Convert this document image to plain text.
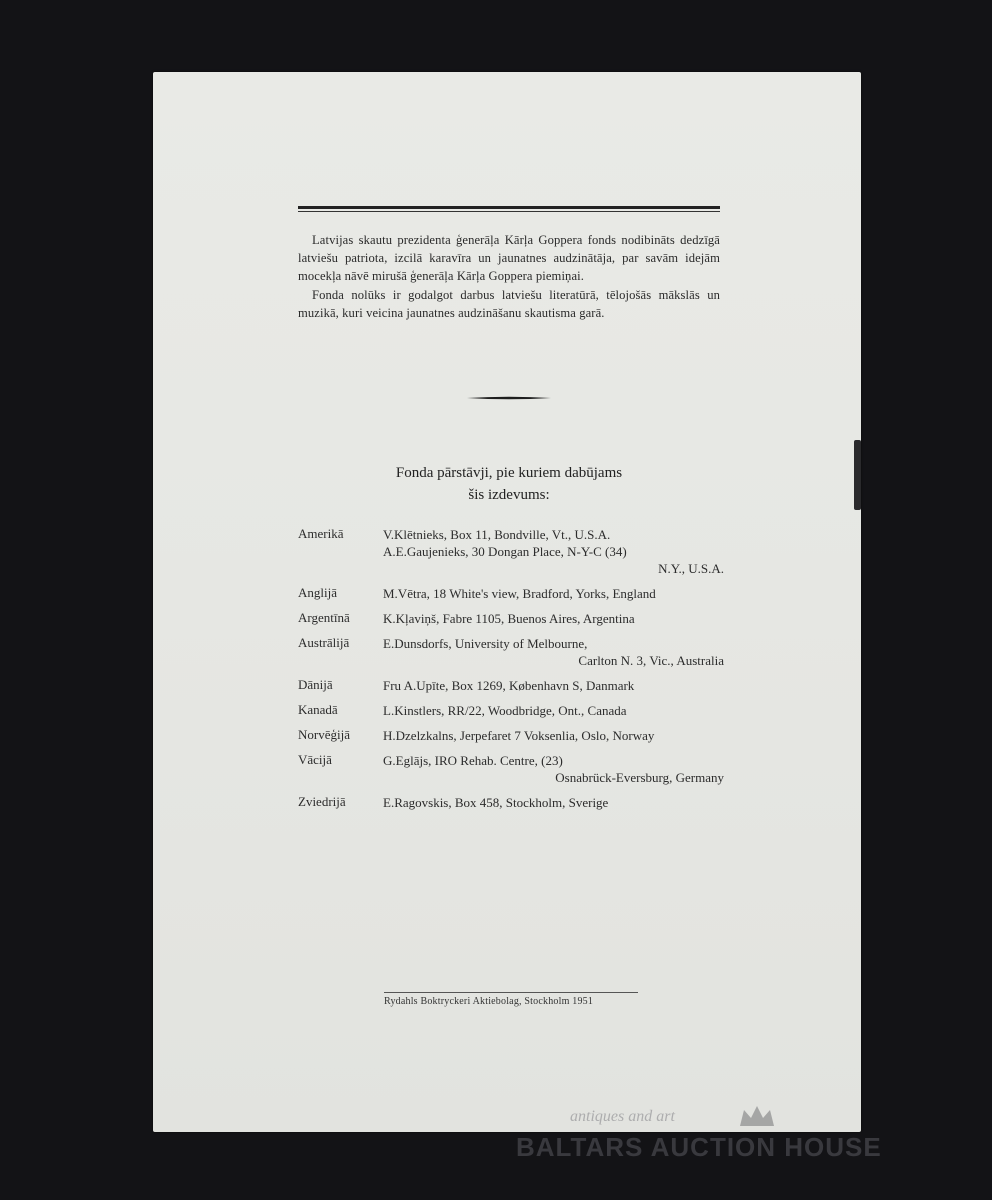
Latvijas skautu prezidenta ģenerāļa Kārļa Goppera fonds nodibināts dedzīgā latviešu patriota, izcilā karavīra un jaunatnes audzinātāja, par savām idejām mocekļa nāvē mirušā ģenerāļa Kārļa Goppera piemiņai.

Fonda nolūks ir godalgot darbus latviešu literatūrā, tēlojošās mākslās un muzikā, kuri veicina jaunatnes audzināšanu skautisma garā.

Fonda pārstāvji, pie kuriem dabūjams
šis izdevums:
Amerikā	V.Klētnieks, Box 11, Bondville, Vt., U.S.A.
A.E.Gaujenieks, 30 Dongan Place, N-Y-C (34)
N.Y., U.S.A.
Anglijā	M.Vētra, 18 White's view, Bradford, Yorks, England
Argentīnā	K.Kļaviņš, Fabre 1105, Buenos Aires, Argentina
Austrālijā	E.Dunsdorfs, University of Melbourne,
Carlton N. 3, Vic., Australia
Dānijā	Fru A.Upīte, Box 1269, København S, Danmark
Kanadā	L.Kinstlers, RR/22, Woodbridge, Ont., Canada
Norvēģijā	H.Dzelzkalns, Jerpefaret 7 Voksenlia, Oslo, Norway
Vācijā	G.Eglājs, IRO Rehab. Centre, (23)
Osnabrück-Eversburg, Germany
Zviedrijā	E.Ragovskis, Box 458, Stockholm, Sverige
Rydahls Boktryckeri Aktiebolag, Stockholm 1951
antiques and art
BALTARS AUCTION HOUSE
